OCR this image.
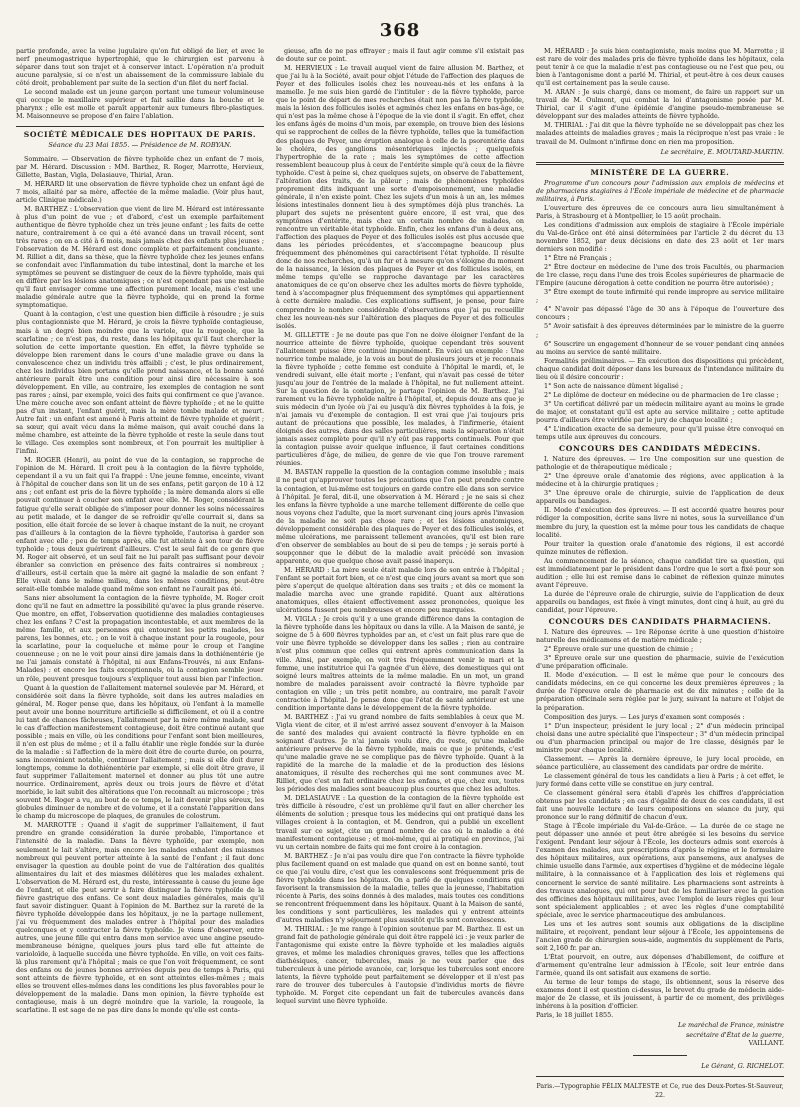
368

partie profonde, avec la veine jugulaire qu'on fut obligé de lier, et avec le nerf pneumogastrique hypertrophié, que le chirurgien est parvenu à séparer dans tout son trajet et à conserver intact. L'opération n'a produit aucune paralysie, si ce n'est un abaissement de la commissure labiale du côté droit, probablement par suite de la section d'un filet du nerf facial.

Le second malade est un jeune garçon portant une tumeur volumineuse qui occupe le maxillaire supérieur et fait saillie dans la bouche et le pharynx ; elle est molle et paraît appartenir aux tumeurs fibro-plastiques. M. Maisonneuve se propose d'en faire l'ablation.

SOCIÉTÉ MÉDICALE DES HOPITAUX DE PARIS.
Séance du 23 Mai 1855. — Présidence de M. ROBYAN.

Sommaire. — Observation de fièvre typhoïde chez un enfant de 7 mois, par M. Hérard. Discussion : MM. Barthez, R. Roger, Marrotte, Hervieux, Gillette, Bastan, Vigla, Delasiauve, Thirial, Aran.

M. HÉRARD lit une observation de fièvre typhoïde chez un enfant âgé de 7 mois, allaité par sa mère, affectée de la même maladie. (Voir plus haut, article Clinique médicale.)

M. BARTHEZ : L'observation que vient de lire M. Hérard est intéressante à plus d'un point de vue ; et d'abord, c'est un exemple parfaitement authentique de fièvre typhoïde chez un très jeune enfant ; les faits de cette nature, contrairement à ce qui a été avancé dans un travail récent, sont très rares ; on en a cité à 6 mois, mais jamais chez des enfants plus jeunes ; l'observation de M. Hérard est donc complète et parfaitement concluante. M. Rilliet a dit, dans sa thèse, que la fièvre typhoïde chez les jeunes enfans se confondait avec l'inflammation du tube intestinal, dont la marche et les symptômes se peuvent se distinguer de ceux de la fièvre typhoïde, mais qui en diffère par les lésions anatomiques ; ce n'est cependant pas une maladie qu'il faut envisager comme une affection purement locale, mais c'est une maladie générale autre que la fièvre typhoïde, qui en prend la forme symptomatique.

Quant à la contagion, c'est une question bien difficile à résoudre ; je suis plus contagionniste que M. Hérard, je crois la fièvre typhoïde contagieuse, mais à un degré bien moindre que la variole, que la rougeole, que la scarlatine ; ce n'est pas, du reste, dans les hôpitaux qu'il faut chercher la solution de cette importante question. En effet, la fièvre typhoïde se développe bien rarement dans le cours d'une maladie grave ou dans la convalescence chez un individu très affaibli ; c'est, le plus ordinairement, chez les individus bien portans qu'elle prend naissance, et la bonne santé antérieure paraît être une condition pour ainsi dire nécessaire à son développement. En ville, au contraire, les exemples de contagion ne sont pas rares ; ainsi, par exemple, voici des faits qui confirment ce que j'avance. Une mère couche avec son enfant atteint de fièvre typhoïde ; et ne le quitte pas d'un instant, l'enfant guérit, mais la mère tombe malade et meurt. Autre fait : un enfant est amené à Paris atteint de fièvre typhoïde et guérit ; sa sœur, qui avait vécu dans la même maison, qui avait couché dans la même chambre, est atteinte de la fièvre typhoïde et reste la seule dans tout le village. Ces exemples sont nombreux, et l'on pourrait les multiplier à l'infini.

M. ROGER (Henri), au point de vue de la contagion, se rapproche de l'opinion de M. Hérard. Il croit peu à la contagion de la fièvre typhoïde, cependant il a vu un fait qui l'a frappé : Une jeune femme, enceinte, vivant à l'hôpital de coucher dans son lit un de ses enfans, petit garçon de 10 à 12 ans ; cet enfant est pris de la fièvre typhoïde ; la mère demanda alors si elle pouvait continuer à coucher son enfant avec elle. M. Roger, considérant la fatigue qu'elle serait obligée de s'imposer pour donner les soins nécessaires au petit malade, et le danger de se refroidir qu'elle courrait si, dans sa position, elle était forcée de se lever à chaque instant de la nuit, ne croyant pas d'ailleurs à la contagion de la fièvre typhoïde, l'autorisa à garder son enfant avec elle ; peu de temps après, elle fut atteinte à son tour de fièvre typhoïde ; tous deux guérirent d'ailleurs. C'est le seul fait de ce genre que M. Roger ait observé, et un seul fait ne lui paraît pas suffisant pour devoir ébranler sa conviction en présence des faits contraires si nombreux ; d'ailleurs, est-il certain que la mère ait gagné la maladie de son enfant ? Elle vivait dans le même milieu, dans les mêmes conditions, peut-être serait-elle tombée malade quand même son enfant ne l'aurait pas été.

Sans nier absolument la contagion de la fièvre typhoïde, M. Roger croit donc qu'il ne faut en admettre la possibilité qu'avec la plus grande réserve. Que montre, en effet, l'observation quotidienne des maladies contagieuses chez les enfans ? C'est la propagation incontestable, et aux membres de la même famille, et aux personnes qui entourent les petits malades, les parens, les bonnes, etc. ; on le voit à chaque instant pour la rougeole, pour la scarlatine, pour la coqueluche et même pour le croup et l'angine couenneuse ; on ne le voit pour ainsi dire jamais dans la dothiénentérie (je ne l'ai jamais constaté à l'hôpital, ni aux Enfans-Trouvés, ni aux Enfans-Malades) : et encore les faits exceptionnels, où la contagion semble jouer un rôle, peuvent presque toujours s'expliquer tout aussi bien par l'infection.

Quant à la question de l'allaitement maternel soulevée par M. Hérard, et considérée soit dans la fièvre typhoïde, soit dans les autres maladies en général, M. Roger pense que, dans les hôpitaux, où l'enfant à la mamelle peut avoir une bonne nourriture artificielle si difficilement, et où il a contre lui tant de chances fâcheuses, l'allaitement par la mère même malade, sauf le cas d'affection manifestement contagieuse, doit être continué autant que possible ; mais en ville, où les conditions pour l'enfant sont bien meilleures, il n'en est plus de même ; et il a fallu établir une règle fondée sur la durée de la maladie : si l'affection de la mère doit être de courte durée, on pourra, sans inconvénient notable, continuer l'allaitement ; mais si elle doit durer longtemps, comme la dothiénentérie par exemple, si elle doit être grave, il faut supprimer l'allaitement maternel et donner au plus tôt une autre nourrice. Ordinairement, après deux ou trois jours de fièvre et d'état morbide, le lait subit des altérations que l'on reconnaît au microscope ; très souvent M. Roger a vu, au bout de ce temps, le lait devenir plus séreux, les globules diminuer de nombre et de volume, et il a constaté l'apparition dans le champ du microscope de plaques, de granules de colostrum.

M. MARROTTE : Quand il s'agit de supprimer l'allaitement, il faut prendre en grande considération la durée probable, l'importance et l'intensité de la maladie. Dans la fièvre typhoïde, par exemple, non seulement le lait s'altère, mais encore les malades exhalent des miasmes nombreux qui peuvent porter atteinte à la santé de l'enfant ; il faut donc envisager la question au double point de vue de l'altération des qualités alimentaires du lait et des miasmes délétères que les malades exhalent. L'observation de M. Hérard est, du reste, intéressante à cause du jeune âge de l'enfant, et elle peut servir à faire distinguer la fièvre typhoïde de la fièvre gastrique des enfans. Ce sont deux maladies générales, mais qu'il faut savoir distinguer. Quant à l'opinion de M. Barthez sur la rareté de la fièvre typhoïde développée dans les hôpitaux, je ne la partage nullement, j'ai vu fréquemment des malades entrer à l'hôpital pour des maladies quelconques et y contracter la fièvre typhoïde. Je viens d'observer, entre autres, une jeune fille qui entra dans mon service avec une angine pseudo-membraneuse bénigne, quelques jours plus tard elle fut atteinte de varioloïde, à laquelle succéda une fièvre typhoïde. En ville, on voit ces faits-là plus rarement qu'à l'hôpital ; mais ce que l'on voit fréquemment, ce sont des enfans ou de jeunes bonnes arrivées depuis peu de temps à Paris, qui sont atteints de fièvre typhoïde, et en sont atteintes elles-mêmes ; mais elles se trouvent elles-mêmes dans les conditions les plus favorables pour le développement de la maladie. Dans mon opinion, la fièvre typhoïde est contagieuse, mais à un degré moindre que la variole, la rougeole, la scarlatine. Il est sage de ne pas dire dans le monde qu'elle est conta-

gieuse, afin de ne pas effrayer ; mais il faut agir comme s'il existait pas de doute sur ce point.

M. HERVIEUX : Le travail auquel vient de faire allusion M. Barthez, et que j'ai lu à la Société, avait pour objet l'étude de l'affection des plaques de Peyer et des follicules isolés chez les nouveau-nés et les enfans à la mamelle. Je me suis bien gardé de l'intituler : de la fièvre typhoïde, parce que le point de départ de mes recherches était non pas la fièvre typhoïde, mais la lésion des follicules isolés et agminés chez les enfans en bas-âge, ce qui n'est pas la même chose à l'époque de la vie dont il s'agit. En effet, chez les enfans âgés de moins d'un mois, par exemple, on trouve bien des lésions qui se rapprochent de celles de la fièvre typhoïde, telles que la tuméfaction des plaques de Peyer, une éruption analogue à celle de la psorentérie dans le choléra, des ganglions mésentériques injectés ; quelquefois l'hypertrophie de la rate ; mais les symptômes de cette affection ressemblent beaucoup plus à ceux de l'entérite simple qu'à ceux de la fièvre typhoïde. C'est à peine si, chez quelques sujets, on observe de l'abattement, l'altération des traits, de la pâleur ; mais de phénomènes typhoïdes proprement dits indiquant une sorte d'empoisonnement, une maladie générale, il n'en existe point. Chez les sujets d'un mois à un an, les mêmes lésions intestinales donnent lieu à des symptômes déjà plus tranchés. La plupart des sujets ne présentent guère encore, il est vrai, que des symptômes d'entérite, mais chez un certain nombre de malades, on rencontre un véritable état typhoïde. Enfin, chez les enfans d'un à deux ans, l'affection des plaques de Peyer et des follicules isolés est plus accusée que dans les périodes précédentes, et s'accompagne beaucoup plus fréquemment des phénomènes qui caractérisent l'état typhoïde. Il résulte donc de nos recherches, qu'à un fur et à mesure qu'on s'éloigne du moment de la naissance, la lésion des plaques de Peyer et des follicules isolés, en même temps qu'elle se rapproche davantage par les caractères anatomiques de ce qu'on observe chez les adultes morts de fièvre typhoïde, tend à s'accompagner plus fréquemment des symptômes qui appartiennent à cette dernière maladie. Ces explications suffisent, je pense, pour faire comprendre le nombre considérable d'observations que j'ai pu recueillir chez les nouveau-nés sur l'altération des plaques de Peyer et des follicules isolés.

M. GILLETTE : Je ne doute pas que l'on ne doive éloigner l'enfant de la nourrice atteinte de fièvre typhoïde, quoique cependant très souvent l'allaitement puisse être continué impunément. En voici un exemple : Une nourrice tombe malade, je la vois au bout de plusieurs jours et je reconnais la fièvre typhoïde ; cette femme est conduite à l'hôpital le mardi, et, le vendredi suivant, elle était morte ; l'enfant, qui n'avait pas cessé de téter jusqu'au jour de l'entrée de la malade à l'hôpital, ne fut nullement atteint. Sur la question de la contagion, je partage l'opinion de M. Barthez. J'ai rarement vu la fièvre typhoïde naître à l'hôpital, et, depuis douze ans que je suis médecin d'un lycée où j'ai eu jusqu'à dix fièvres typhoïdes à la fois, je n'ai jamais vu d'exemple de contagion. Il est vrai que j'ai toujours pris autant de précautions que possible, les malades, à l'infirmerie, étaient éloignés des autres, dans des salles particulières, mais la séparation n'était jamais assez complète pour qu'il n'y eût pas rapports continuels. Pour que la contagion puisse avoir quelque influence, il faut certaines conditions particulières d'âge, de milieu, de genre de vie que l'on trouve rarement réunies.

M. BASTAN rappelle la question de la contagion comme insoluble ; mais il ne peut qu'approuver toutes les précautions que l'on peut prendre contre la contagion, et lui-même est toujours en garde contre elle dans son service à l'hôpital. Je feral, dit-il, une observation à M. Hérard ; je ne sais si chez les enfans la fièvre typhoïde a une marche tellement différente de celle que nous voyons chez l'adulte, que la mort survenant cinq jours après l'invasion de la maladie ne soit pas chose rare ; et les lésions anatomiques, développement considérable des plaques de Peyer et des follicules isolés, et même ulcérations, me paraissent tellement avancées, qu'il est bien rare d'en observer de semblables au bout de si peu de temps ; je serais porté à soupçonner que le début de la maladie avait précédé son invasion apparente, ou que quelque chose avait passé inaperçu.

M. HÉRARD : La mère seule était malade lors de son entrée à l'hôpital ; l'enfant se portait fort bien, et ce n'est que cinq jours avant sa mort que son père s'aperçut de quelque altération dans ses traits ; et dès ce moment la maladie marcha avec une grande rapidité. Quant aux altérations anatomiques, elles étaient effectivement assez prononcées, quoique les ulcérations fussent peu nombreuses et encore peu marquées.

M. VIGLA : Je crois qu'il y a une grande différence dans la contagion de la fièvre typhoïde dans les hôpitaux ou dans la ville. A la Maison de santé, je soigne de 5 à 600 fièvres typhoïdes par an, et c'est un fait plus rare que de voir une fièvre typhoïde se développer dans les salles ; rien au contraire n'est plus commun que celles qui entrent après communication dans la ville. Ainsi, par exemple, on voit très fréquemment venir le mari et la femme, une institutrice qui l'a gagnée d'un élève, des domestiques qui ont soigné leurs maîtres atteints de la même maladie. En un mot, un grand nombre de malades paraissent avoir contracté la fièvre typhoïde par contagion en ville ; un très petit nombre, au contraire, me paraît l'avoir contractée à l'hôpital. Je pense donc que l'état de santé antérieur est une condition importante dans le développement de la fièvre typhoïde.

M. BARTHEZ : J'ai vu grand nombre de faits semblables à ceux que M. Vigla vient de citer, et il m'est arrivé assez souvent d'envoyer à la Maison de santé des malades qui avaient contracté la fièvre typhoïde en en soignant d'autres. Je n'ai jamais voulu dire, du reste, qu'une maladie antérieure préserve de la fièvre typhoïde, mais ce que je prétends, c'est qu'une maladie grave ne se complique pas de fièvre typhoïde. Quant à la rapidité de la marche de la maladie et de la production des lésions anatomiques, il résulte des recherches qui me sont communes avec M. Rilliet, que c'est un fait ordinaire chez les enfans, et que, chez eux, toutes les périodes des maladies sont beaucoup plus courtes que chez les adultes.

M. DELASIAUVE : La question de la contagion de la fièvre typhoïde est très difficile à résoudre, c'est un problème qu'il faut en aller chercher les éléments de solution ; presque tous les médecins qui ont pratiqué dans les villages croient à la contagion, et M. Gendron, qui a publié un excellent travail sur ce sujet, cite un grand nombre de cas où la maladie a été manifestement contagieuse ; et moi-même, qui ai pratiqué en province, j'ai vu un certain nombre de faits qui me font croire à la contagion.

M. BARTHEZ : Je n'ai pas voulu dire que l'on contracte la fièvre typhoïde plus facilement quand on est malade que quand on est en bonne santé, tout ce que j'ai voulu dire, c'est que les convalescens sont fréquemment pris de fièvre typhoïde dans les hôpitaux. On a parlé de quelques conditions qui favorisent la transmission de la maladie, telles que la jeunesse, l'habitation récente à Paris, des soins donnés à des malades, mais toutes ces conditions se rencontrent fréquemment dans les hôpitaux. Quant à la Maison de santé, les conditions y sont particulières, les malades qui y entrent atteints d'autres maladies n'y séjournent plus aussitôt qu'ils sont convalescens.

M. THIRIAL : Je me range à l'opinion soutenue par M. Barthez. Il est un grand fait de pathologie générale qui doit être rappelé ici : je veux parler de l'antagonisme qui existe entre la fièvre typhoïde et les maladies aiguës graves, et même les maladies chroniques graves, telles que les affections diathésiques, cancer, tubercules, mais je ne veux parler que des tuberculeux à une période avancée, car, lorsque les tubercules sont encore latents, la fièvre typhoïde peut parfaitement se développer et il n'est pas rare de trouver des tubercules à l'autopsie d'individus morts de fièvre typhoïde. M. Forget cite cependant un fait de tubercules avancés dans lequel survint une fièvre typhoïde.

M. HÉRARD : Je suis bien contagioniste, mais moins que M. Marrotte ; il est rare de voir des malades pris de fièvre typhoïde dans les hôpitaux, cela peut tenir à ce que la maladie n'est pas contagieuse ou ne l'est que peu, ou bien à l'antagonisme dont a parlé M. Thirial, et peut-être à ces deux causes qu'il est certainement pas la seule cause.

M. ARAN : Je suis chargé, dans ce moment, de faire un rapport sur un travail de M. Oulmont, qui combat la loi d'antagonisme posée par M. Thirial, car il s'agit d'une épidémie d'angine pseudo-membraneuse se développant sur des malades atteints de fièvre typhoïde.

M. THIRIAL : J'ai dit que la fièvre typhoïde ne se développait pas chez les malades atteints de maladies graves ; mais la réciproque n'est pas vraie : le travail de M. Oulmont n'infirme donc en rien ma proposition.

Le secrétaire, E. MOUTARD-MARTIN.
MINISTÈRE DE LA GUERRE.

Programme d'un concours pour l'admission aux emplois de médecins et de pharmaciens stagiaires à l'École impériale de médecine et de pharmacie militaires, à Paris.

L'ouverture des épreuves de ce concours aura lieu simultanément à Paris, à Strasbourg et à Montpellier, le 15 août prochain.

Les conditions d'admission aux emplois de stagiaire à l'École impériale du Val-de-Grâce ont été ainsi déterminées par l'article 2 du décret du 13 novembre 1852, par deux décisions en date des 23 août et 1er mars derniers son modifié :

1° Être né Français ;

2° Être docteur en médecine de l'une des trois Facultés, ou pharmacien de 1re classe, reçu dans l'une des trois Écoles supérieures de pharmacie de l'Empire (aucune dérogation à cette condition ne pourra être autorisée) ;

3° Être exempt de toute infirmité qui rende impropre au service militaire ;

4° N'avoir pas dépassé l'âge de 30 ans à l'époque de l'ouverture des concours ;

5° Avoir satisfait à des épreuves déterminées par le ministre de la guerre ;

6° Souscrire un engagement d'honneur de se vouer pendant cinq années au moins au service de santé militaire.

Formalités préliminaires. — En exécution des dispositions qui précèdent, chaque candidat doit déposer dans les bureaux de l'intendance militaire du lieu où il désire concourir :

1° Son acte de naissance dûment légalisé ;

2° Le diplôme de docteur en médecine ou de pharmacien de 1re classe ;

3° Un certificat délivré par un médecin militaire ayant au moins le grade de major, et constatant qu'il est apte au service militaire ; cette aptitude pourra d'ailleurs être vérifiée par le jury de chaque localité ;

4° L'indication exacte de sa demeure, pour qu'il puisse être convoqué en temps utile aux épreuves du concours.

CONCOURS DES CANDIDATS MÉDECINS.

I. Nature des épreuves. — 1re Une composition sur une question de pathologie et de thérapeutique médicale ;

2° Une épreuve orale d'anatomie des régions, avec application à la médecine et à la chirurgie pratiques ;

3° Une épreuve orale de chirurgie, suivie de l'application de deux appareils ou bandages.

II. Mode d'exécution des épreuves. — Il est accordé quatre heures pour rédiger la composition, écrite sans livre ni notes, sous la surveillance d'un membre du jury, la question est la même pour tous les candidats de chaque localité.

Pour traiter la question orale d'anatomie des régions, il est accordé quinze minutes de réflexion.

Au commencement de la séance, chaque candidat tire sa question, qui est immédiatement par le président dans l'ordre que le sort a fixé pour son audition ; elle lui est remise dans le cabinet de réflexion quinze minutes avant l'épreuve.

La durée de l'épreuve orale de chirurgie, suivie de l'application de deux appareils ou bandages, est fixée à vingt minutes, dont cinq à huit, au gré du candidat, pour l'épreuve.

CONCOURS DES CANDIDATS PHARMACIENS.

I. Nature des épreuves. — 1re Réponse écrite à une question d'histoire naturelle des médicamens et de matière médicale ;

2° Épreuve orale sur une question de chimie ;

3° Épreuve orale sur une question de pharmacie, suivie de l'exécution d'une préparation officinale.

II. Mode d'exécution. — Il est le même que pour le concours des candidats médecins, en ce qui concerne les deux premières épreuves ; la durée de l'épreuve orale de pharmacie est de dix minutes ; celle de la préparation officinale sera réglée par le jury, suivant la nature et l'objet de la préparation.

Composition des jurys. — Les jurys d'examen sont composés :

1° D'un inspecteur, président le jury local ; 2° d'un médecin principal choisi dans une autre spécialité que l'inspecteur ; 3° d'un médecin principal ou d'un pharmacien principal ou major de 1re classe, désignés par le ministre pour chaque localité.

Classement. — Après la dernière épreuve, le jury local procède, en séance particulière, au classement des candidats par ordre de mérite.

Le classement général de tous les candidats a lieu à Paris ; à cet effet, le jury formé dans cette ville se constitue en jury central.

Ce classement général sera établi d'après les chiffres d'appréciation obtenus par les candidats ; en cas d'égalité de deux de ces candidats, il est fait une nouvelle lecture de leurs compositions en séance du jury, qui prononce sur le rang définitif de chacun d'eux.

Stage à l'École impériale du Val-de-Grâce. — La durée de ce stage ne peut dépasser une année et peut être abrégée si les besoins du service l'exigent. Pendant leur séjour à l'École, les docteurs admis sont exercés à l'examen des malades, aux prescriptions d'après le régime et le formulaire des hôpitaux militaires, aux opérations, aux pansemens, aux analyses de chimie usuelle dans l'armée, aux expertises d'hygiène et de médecine légale militaire, à la connaissance et à l'application des lois et règlemens qui concernent le service de santé militaire. Les pharmaciens sont astreints à des travaux analogues, qui ont pour but de les familiariser avec la gestion des officines des hôpitaux militaires, avec l'emploi de leurs règles qui leur sont spécialement applicables ; et avec les règles d'une comptabilité spéciale, avec le service pharmaceutique des ambulances.

Les uns et les autres sont soumis aux obligations de la discipline militaire, et reçoivent, pendant leur séjour à l'École, les appointemens de l'ancien grade de chirurgien sous-aide, augmentés du supplément de Paris, soit 2,160 fr. par an.

L'État pourvoit, en outre, aux dépenses d'habillement, de coiffure et d'armement qu'entraîne leur admission à l'École, soit leur entrée dans l'armée, quand ils ont satisfait aux examens de sortie.

Au terme de leur temps de stage, ils obtiennent, sous la réserve des examens dont il est question ci-dessus, le brevet du grade de médecin aide-major de 2e classe, et ils jouissent, à partir de ce moment, des privilèges inhérens à la position d'officier.

Paris, le 18 juillet 1855.

Le maréchal de France, ministre
secrétaire d'État de la guerre,
VAILLANT.
Le Gérant, G. RICHELOT.
Paris.—Typographie FÉLIX MALTESTE et Ce, rue des Deux-Portes-St-Sauveur, 22.
